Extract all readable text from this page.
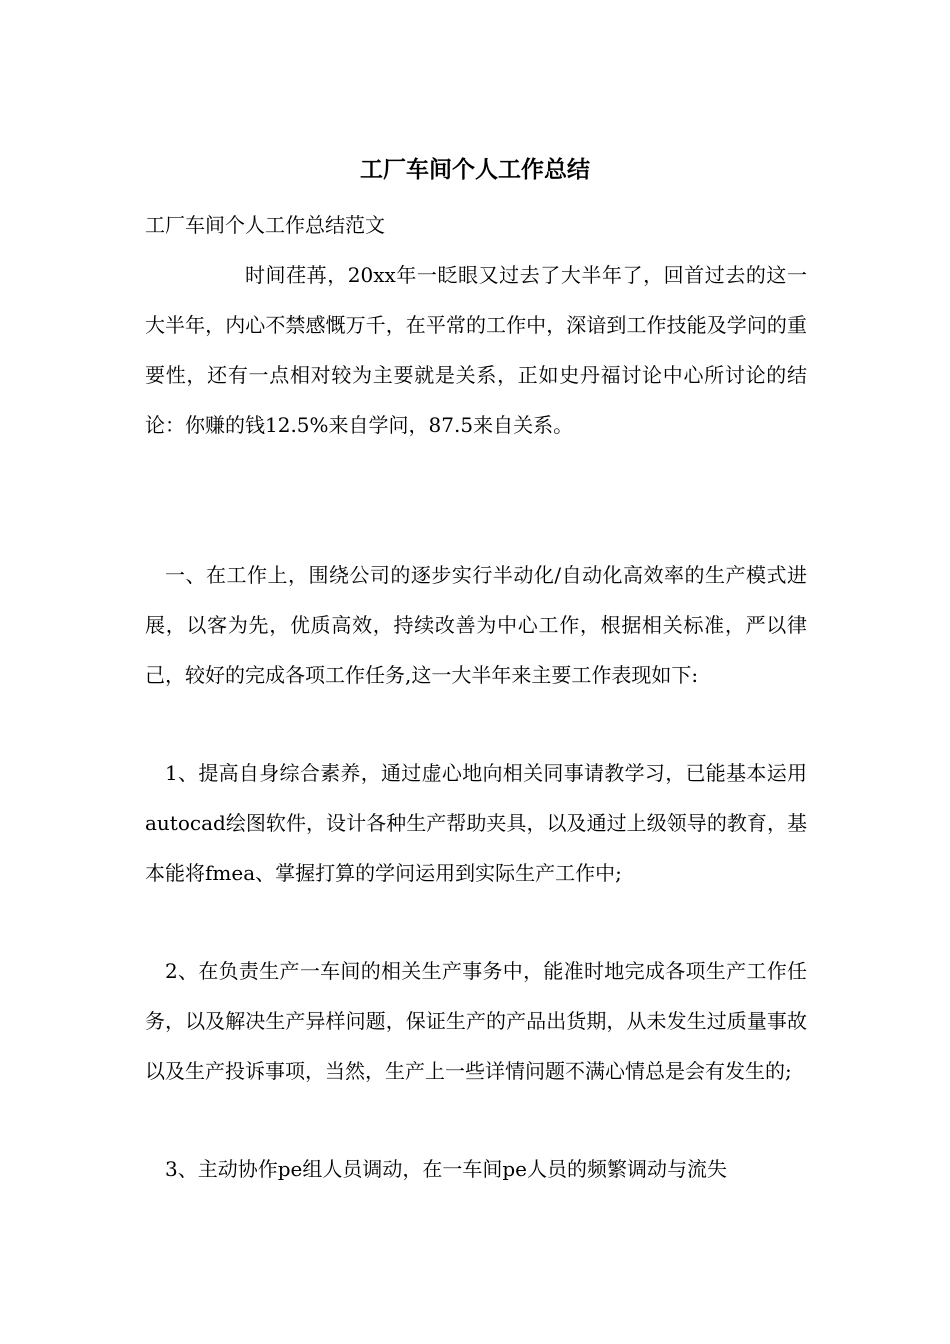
工厂车间个人工作总结

工厂车间个人工作总结范文

时间荏苒，20xx年一眨眼又过去了大半年了，回首过去的这一大半年，内心不禁感慨万千，在平常的工作中，深谙到工作技能及学问的重要性，还有一点相对较为主要就是关系，正如史丹福讨论中心所讨论的结论：你赚的钱12.5%来自学问，87.5来自关系。

一、在工作上，围绕公司的逐步实行半动化/自动化高效率的生产模式进展，以客为先，优质高效，持续改善为中心工作，根据相关标准，严以律己，较好的完成各项工作任务,这一大半年来主要工作表现如下:

1、提高自身综合素养，通过虚心地向相关同事请教学习，已能基本运用autocad绘图软件，设计各种生产帮助夹具，以及通过上级领导的教育，基本能将fmea、掌握打算的学问运用到实际生产工作中;

2、在负责生产一车间的相关生产事务中，能准时地完成各项生产工作任务，以及解决生产异样问题，保证生产的产品出货期，从未发生过质量事故以及生产投诉事项，当然，生产上一些详情问题不满心情总是会有发生的;

3、主动协作pe组人员调动，在一车间pe人员的频繁调动与流失
